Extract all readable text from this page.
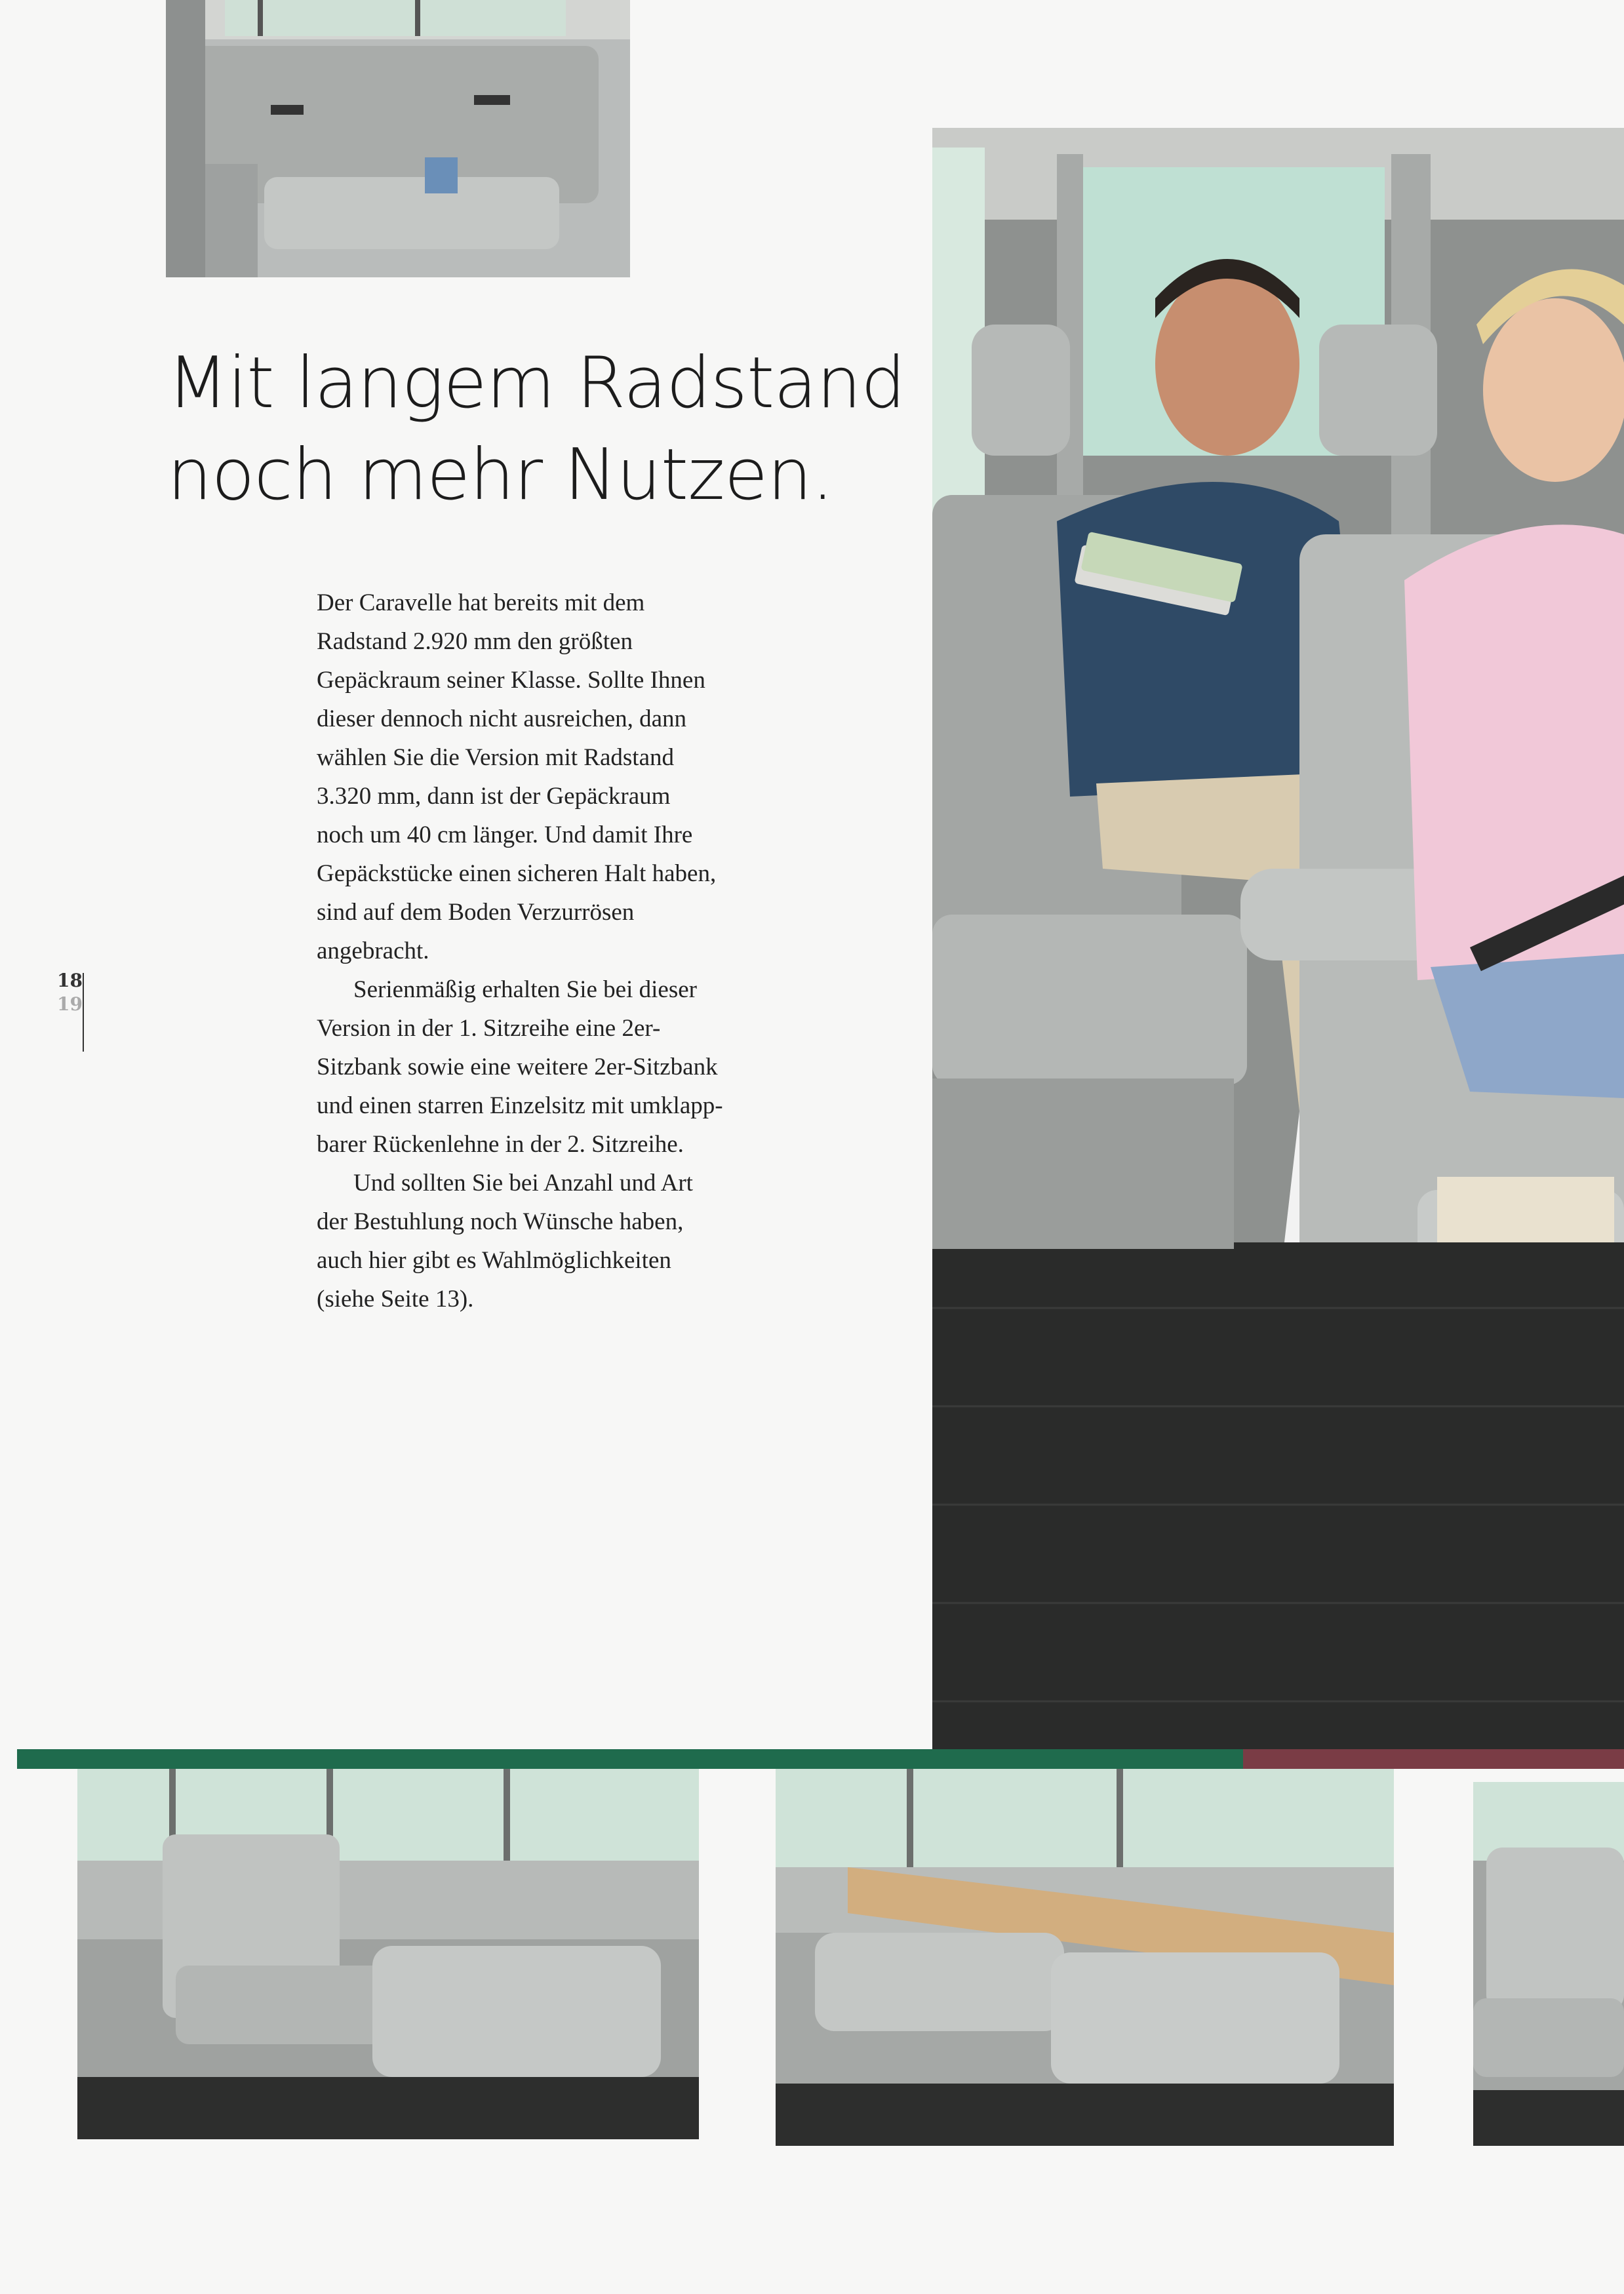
Mit langem Radstand
noch mehr Nutzen.

Der Caravelle hat bereits mit dem Radstand 2.920 mm den größten Gepäckraum seiner Klasse. Sollte Ihnen dieser dennoch nicht ausreichen, dann wählen Sie die Version mit Radstand 3.320 mm, dann ist der Gepäckraum noch um 40 cm länger. Und damit Ihre Gepäckstücke einen sicheren Halt haben, sind auf dem Boden Verzurrösen angebracht.

Serienmäßig erhalten Sie bei dieser Version in der 1. Sitzreihe eine 2er-Sitzbank sowie eine weitere 2er-Sitzbank und einen starren Einzelsitz mit umklapp-barer Rückenlehne in der 2. Sitzreihe.

Und sollten Sie bei Anzahl und Art der Bestuhlung noch Wünsche haben, auch hier gibt es Wahlmöglichkeiten (siehe Seite 13).

18
19
